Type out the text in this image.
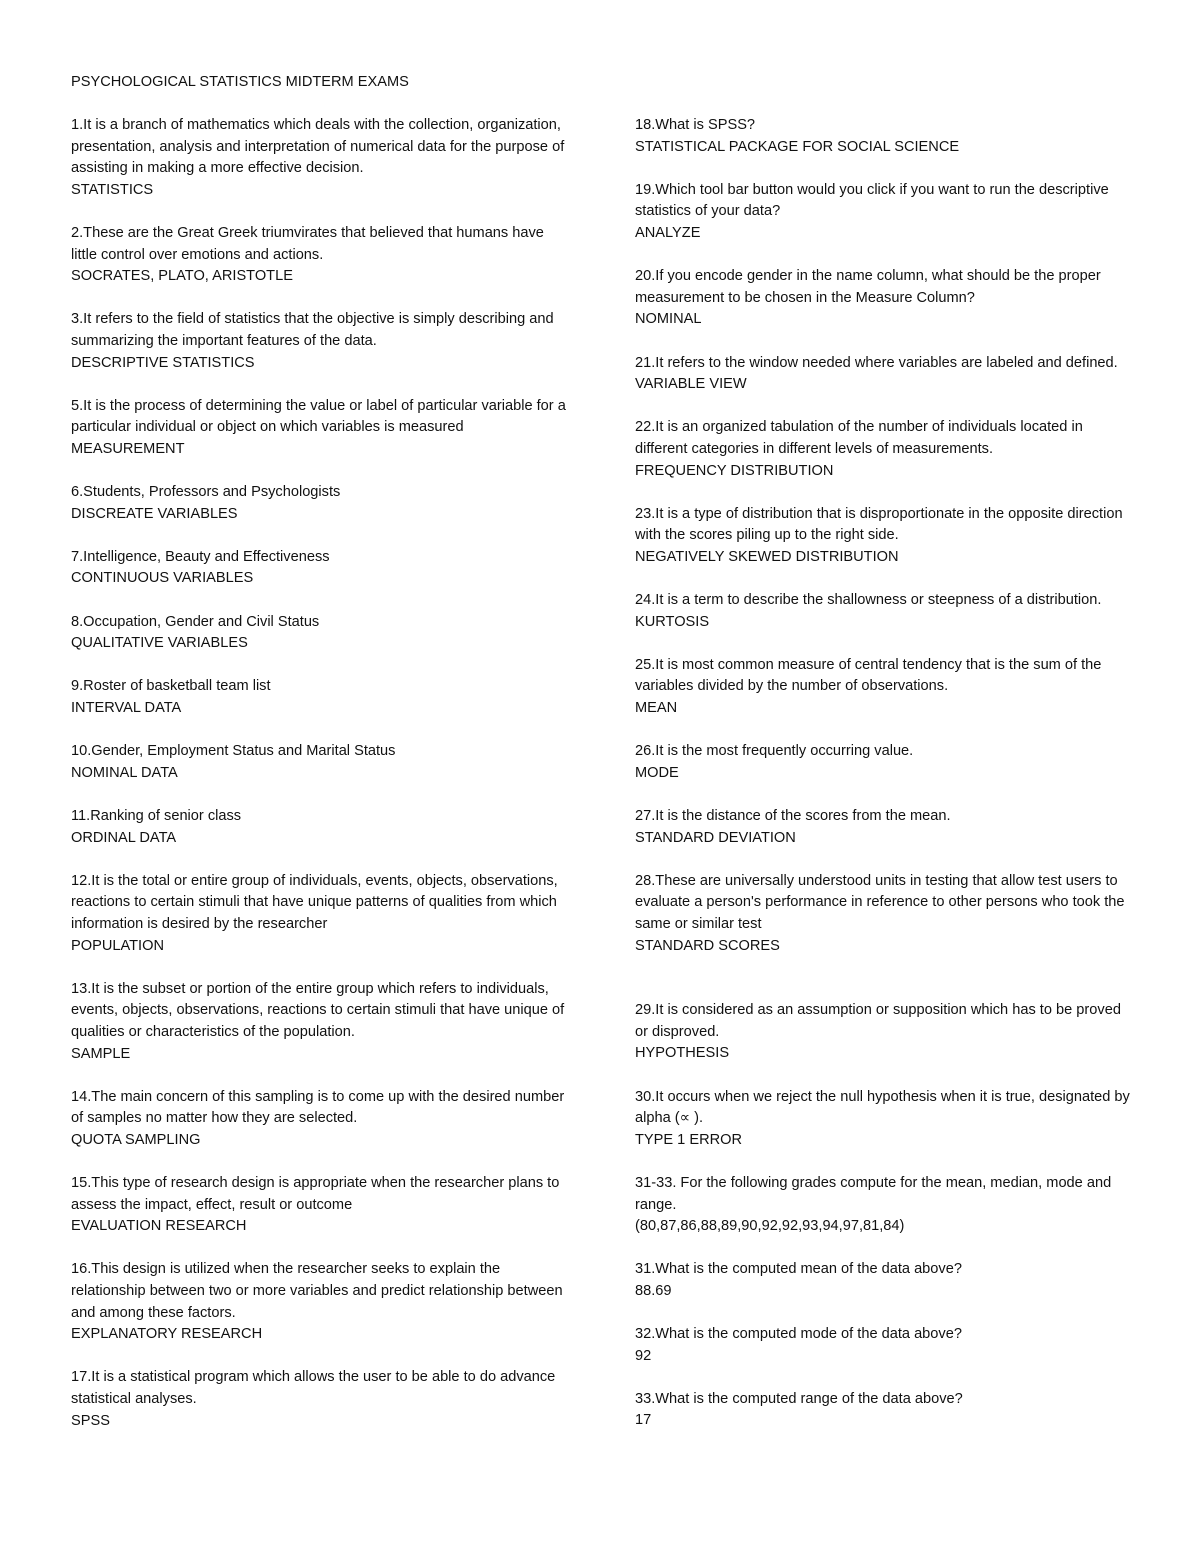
PSYCHOLOGICAL STATISTICS MIDTERM EXAMS

1.It is a branch of mathematics which deals with the collection, organization, presentation, analysis and interpretation of numerical data for the purpose of assisting in making a more effective decision.

STATISTICS

2.These are the Great Greek triumvirates that believed that humans have little control over emotions and actions.

SOCRATES, PLATO, ARISTOTLE

3.It refers to the field of statistics that the objective is simply describing and summarizing the important features of the data.

DESCRIPTIVE STATISTICS

5.It is the process of determining the value or label of particular variable for a particular individual or object on which variables is measured

MEASUREMENT

6.Students, Professors and Psychologists

DISCREATE VARIABLES

7.Intelligence, Beauty and Effectiveness

CONTINUOUS VARIABLES

8.Occupation, Gender and Civil Status

QUALITATIVE VARIABLES

9.Roster of basketball team list

INTERVAL DATA

10.Gender, Employment Status and Marital Status

NOMINAL DATA

11.Ranking of senior class

ORDINAL DATA

12.It is the total or entire group of individuals, events, objects, observations, reactions to certain stimuli that have unique patterns of qualities from which information is desired by the researcher

POPULATION

13.It is the subset or portion of the entire group which refers to individuals, events, objects, observations, reactions to certain stimuli that have unique of qualities or characteristics of the population.

SAMPLE

14.The main concern of this sampling is to come up with the desired number of samples no matter how they are selected.

QUOTA SAMPLING

15.This type of research design is appropriate when the researcher plans to assess the impact, effect, result or outcome

EVALUATION RESEARCH

16.This design is utilized when the researcher seeks to explain the relationship between two or more variables and predict relationship between and among these factors.

EXPLANATORY RESEARCH

17.It is a statistical program which allows the user to be able to do advance statistical analyses.

SPSS

18.What is SPSS?

STATISTICAL PACKAGE FOR SOCIAL SCIENCE

19.Which tool bar button would you click if you want to run the descriptive statistics of your data?

ANALYZE

20.If you encode gender in the name column, what should be the proper measurement to be chosen in the Measure Column?

NOMINAL

21.It refers to the window needed where variables are labeled and defined.

VARIABLE VIEW

22.It is an organized tabulation of the number of individuals located in different categories in different levels of measurements.

FREQUENCY DISTRIBUTION

23.It is a type of distribution that is disproportionate in the opposite direction with the scores piling up to the right side.

NEGATIVELY SKEWED DISTRIBUTION

24.It is a term to describe the shallowness or steepness of a distribution.

KURTOSIS

25.It is most common measure of central tendency that is the sum of the variables divided by the number of observations.

MEAN

26.It is the most frequently occurring value.

MODE

27.It is the distance of the scores from the mean.

STANDARD DEVIATION

28.These are universally understood units in testing that allow test users to evaluate a person's performance in reference to other persons who took the same or similar test

STANDARD SCORES

29.It is considered as an assumption or supposition which has to be proved or disproved.

HYPOTHESIS

30.It occurs when we reject the null hypothesis when it is true, designated by alpha (∝ ).

TYPE 1 ERROR

31-33. For the following grades compute for the mean, median, mode and range.

(80,87,86,88,89,90,92,92,93,94,97,81,84)

31.What is the computed mean of the data above?

88.69

32.What is the computed mode of the data above?

92

33.What is the computed range of the data above?

17
